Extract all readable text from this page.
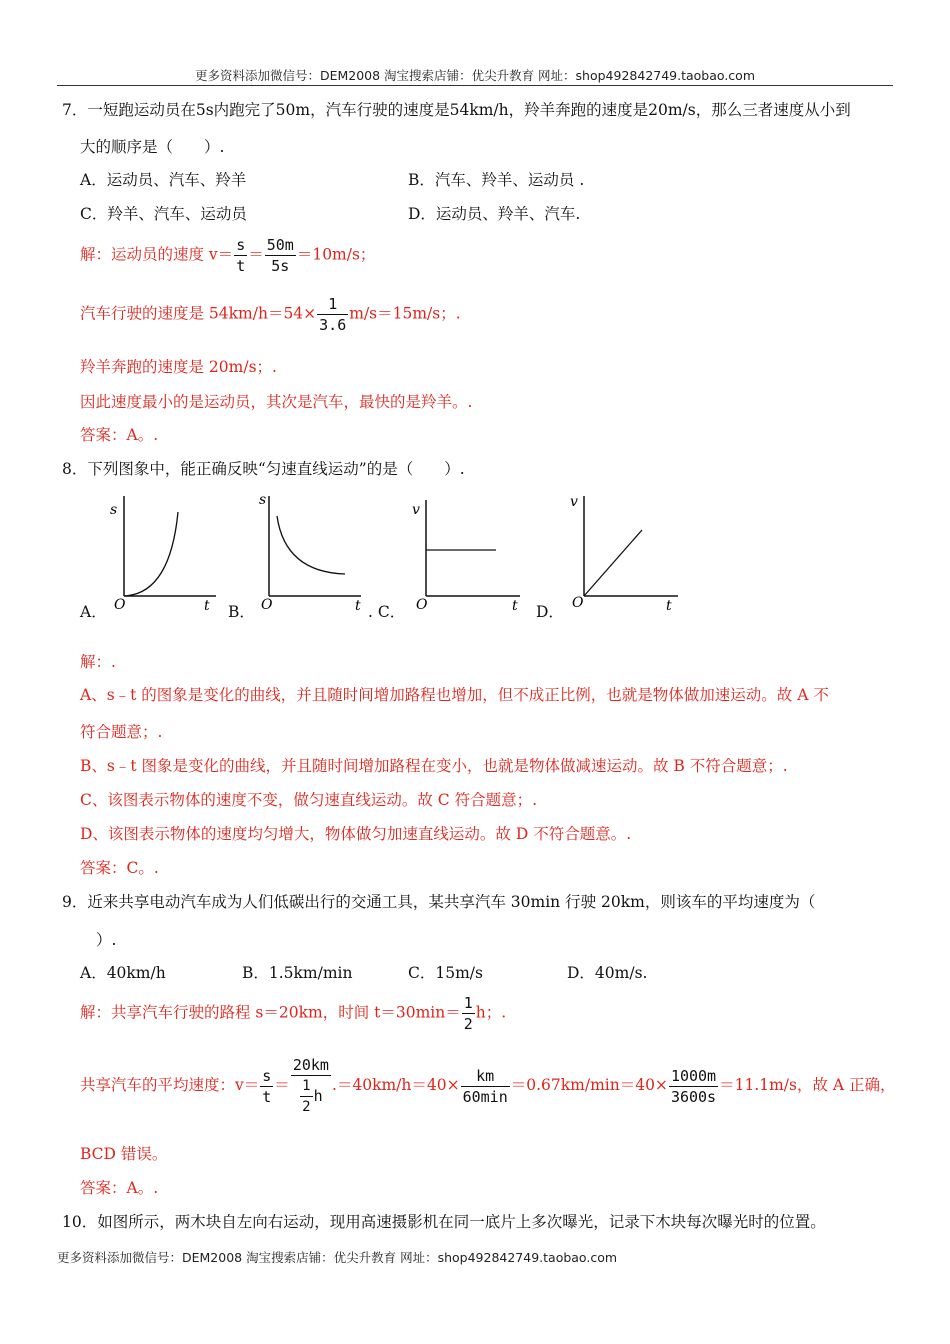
更多资料添加微信号：DEM2008 淘宝搜索店铺：优尖升教育 网址：shop492842749.taobao.com
7．一短跑运动员在5s内跑完了50m，汽车行驶的速度是54km/h，羚羊奔跑的速度是20m/s，那么三者速度从小到
大的顺序是（　　）.
A．运动员、汽车、羚羊	B．汽车、羚羊、运动员 .
C．羚羊、汽车、运动员	D．运动员、羚羊、汽车.
解：运动员的速度 $v= \frac{s}{t} = \frac{50m}{5s} =10m/s$；
汽车行驶的速度是 $54km/h=54\times \frac{1}{3.6} m/s=15m/s$；.
羚羊奔跑的速度是 20m/s；.
因此速度最小的是运动员，其次是汽车，最快的是羚羊。.
答案：A。.
8．下列图象中，能正确反映“匀速直线运动”的是（　　）.
s
t
O
s
t
O
v
t
O
v
t
O
A．	B．	. C．	D．
解：.
A、s﹣t 的图象是变化的曲线，并且随时间增加路程也增加，但不成正比例，也就是物体做加速运动。故 A 不
符合题意；.
B、s﹣t 图象是变化的曲线，并且随时间增加路程在变小，也就是物体做减速运动。故 B 不符合题意；.
C、该图表示物体的速度不变，做匀速直线运动。故 C 符合题意；.
D、该图表示物体的速度均匀增大，物体做匀加速直线运动。故 D 不符合题意。.
答案：C。.
9．近来共享电动汽车成为人们低碳出行的交通工具，某共享汽车 30min 行驶 20km，则该车的平均速度为（
）.
A．40km/h	B．1.5km/min	C．15m/s	D．40m/s.
解：共享汽车行驶的路程 s＝20km，时间 $t=30\min= \frac{1}{2}$ h；.
共享汽车的平均速度：$v= \frac{s}{t} = \frac{20km}{\frac{1}{2} h} .=40km/h=40\times \frac{km}{60\min} =0.67km/\min=40\times \frac{1000m}{3600s} =11.1m/s$，故 A 正确，
BCD 错误。
答案：A。.
10．如图所示，两木块自左向右运动，现用高速摄影机在同一底片上多次曝光，记录下木块每次曝光时的位置。
更多资料添加微信号：DEM2008 淘宝搜索店铺：优尖升教育 网址：shop492842749.taobao.com
